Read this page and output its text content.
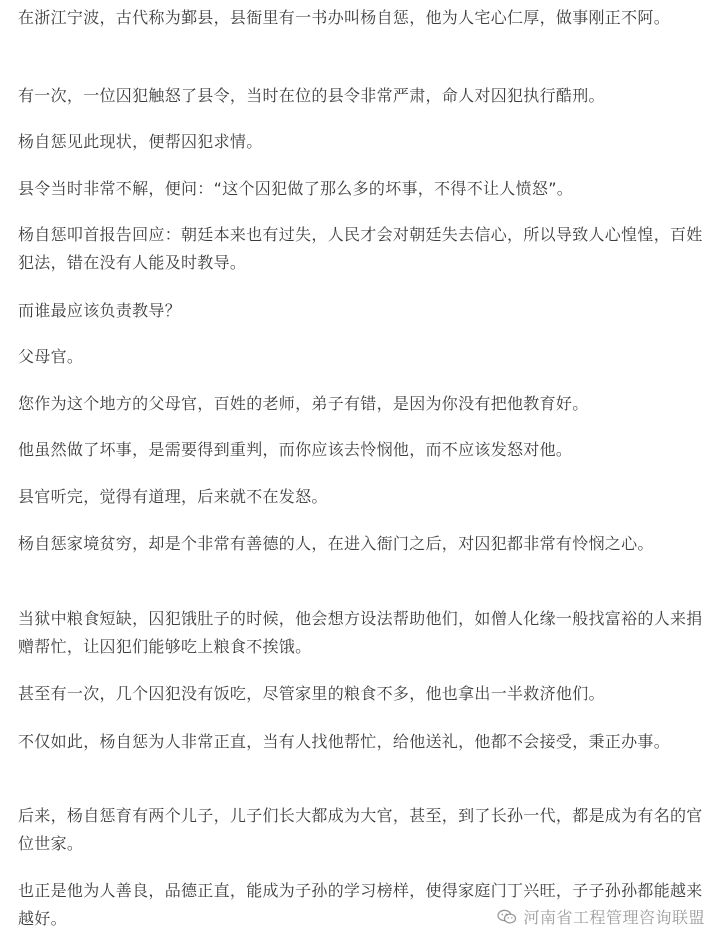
在浙江宁波，古代称为鄞县，县衙里有一书办叫杨自惩，他为人宅心仁厚，做事刚正不阿。

有一次，一位囚犯触怒了县令，当时在位的县令非常严肃，命人对囚犯执行酷刑。

杨自惩见此现状，便帮囚犯求情。

县令当时非常不解，便问：“这个囚犯做了那么多的坏事，不得不让人愤怒”。

杨自惩叩首报告回应：朝廷本来也有过失，人民才会对朝廷失去信心，所以导致人心惶惶，百姓犯法，错在没有人能及时教导。

而谁最应该负责教导？

父母官。

您作为这个地方的父母官，百姓的老师，弟子有错，是因为你没有把他教育好。

他虽然做了坏事，是需要得到重判，而你应该去怜悯他，而不应该发怒对他。

县官听完，觉得有道理，后来就不在发怒。

杨自惩家境贫穷，却是个非常有善德的人，在进入衙门之后，对囚犯都非常有怜悯之心。

当狱中粮食短缺，囚犯饿肚子的时候，他会想方设法帮助他们，如僧人化缘一般找富裕的人来捐赠帮忙，让囚犯们能够吃上粮食不挨饿。

甚至有一次，几个囚犯没有饭吃，尽管家里的粮食不多，他也拿出一半救济他们。

不仅如此，杨自惩为人非常正直，当有人找他帮忙，给他送礼，他都不会接受，秉正办事。

后来，杨自惩育有两个儿子，儿子们长大都成为大官，甚至，到了长孙一代，都是成为有名的官位世家。

也正是他为人善良，品德正直，能成为子孙的学习榜样，使得家庭门丁兴旺，子子孙孙都能越来越好。	河南省工程管理咨询联盟
